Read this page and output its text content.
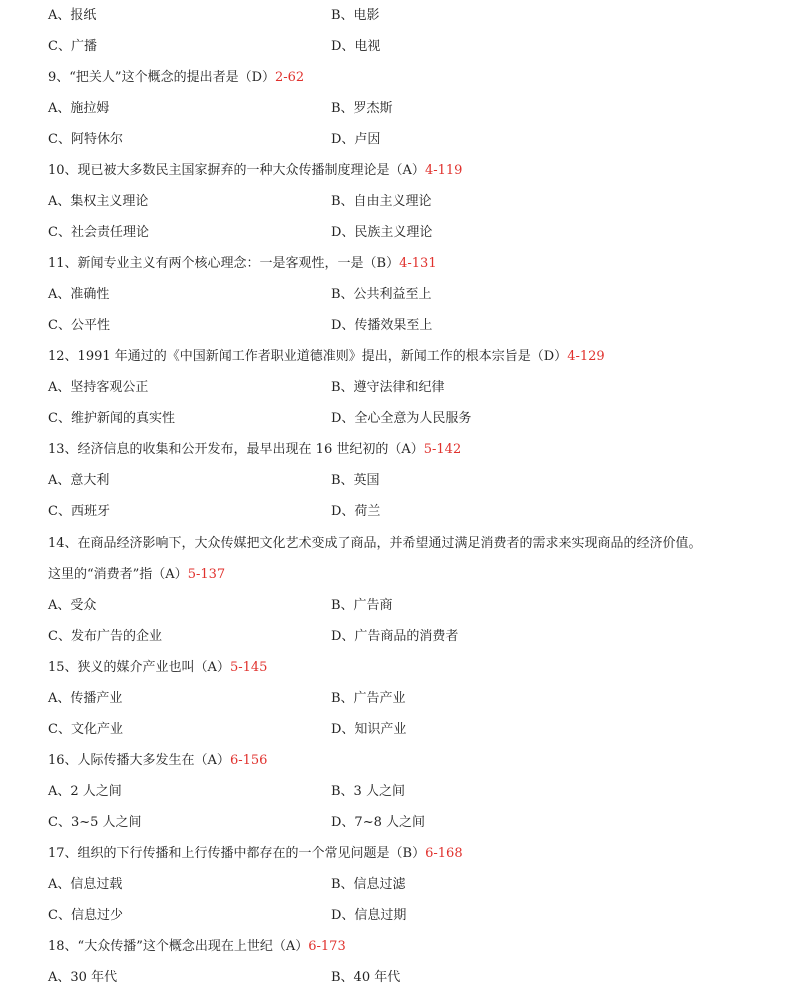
A、报纸	B、电影
C、广播	D、电视
9、“把关人”这个概念的提出者是（D）2-62
A、施拉姆	B、罗杰斯
C、阿特休尔	D、卢因
10、现已被大多数民主国家摒弃的一种大众传播制度理论是（A）4-119
A、集权主义理论	B、自由主义理论
C、社会责任理论	D、民族主义理论
11、新闻专业主义有两个核心理念：一是客观性，一是（B）4-131
A、准确性	B、公共利益至上
C、公平性	D、传播效果至上
12、1991 年通过的《中国新闻工作者职业道德准则》提出，新闻工作的根本宗旨是（D）4-129
A、坚持客观公正	B、遵守法律和纪律
C、维护新闻的真实性	D、全心全意为人民服务
13、经济信息的收集和公开发布，最早出现在 16 世纪初的（A）5-142
A、意大利	B、英国
C、西班牙	D、荷兰
14、在商品经济影响下，大众传媒把文化艺术变成了商品，并希望通过满足消费者的需求来实现商品的经济价值。
这里的“消费者”指（A）5-137
A、受众	B、广告商
C、发布广告的企业	D、广告商品的消费者
15、狭义的媒介产业也叫（A）5-145
A、传播产业	B、广告产业
C、文化产业	D、知识产业
16、人际传播大多发生在（A）6-156
A、2 人之间	B、3 人之间
C、3~5 人之间	D、7~8 人之间
17、组织的下行传播和上行传播中都存在的一个常见问题是（B）6-168
A、信息过载	B、信息过滤
C、信息过少	D、信息过期
18、“大众传播”这个概念出现在上世纪（A）6-173
A、30 年代	B、40 年代
